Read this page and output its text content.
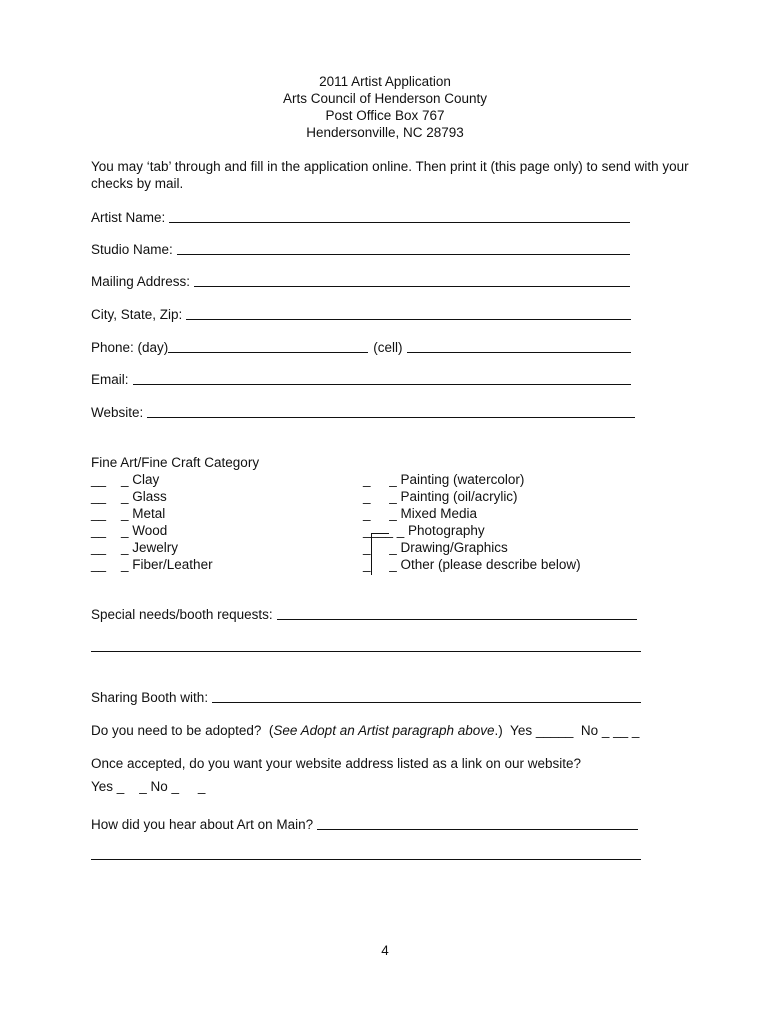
2011 Artist Application
Arts Council of Henderson County
Post Office Box 767
Hendersonville, NC 28793
You may ‘tab’ through and fill in the application online. Then print it (this page only) to send with your checks by mail.
Artist Name:
Studio Name:
Mailing Address:
City, State, Zip:
Phone: (day)	(cell)
Email:
Website:
Fine Art/Fine Craft Category
__    _ Clay
__    _ Glass
__    _ Metal
__    _ Wood
__    _ Jewelry
__    _ Fiber/Leather
_     _ Painting (watercolor)
_     _ Painting (oil/acrylic)
_     _ Mixed Media
____ _ Photography
_     _ Drawing/Graphics
_     _ Other (please describe below)
Special needs/booth requests:
Sharing Booth with:
Do you need to be adopted?  (See Adopt an Artist paragraph above.)  Yes _____  No _ __ _
Once accepted, do you want your website address listed as a link on our website?
Yes _    _ No _     _
How did you hear about Art on Main?
4
